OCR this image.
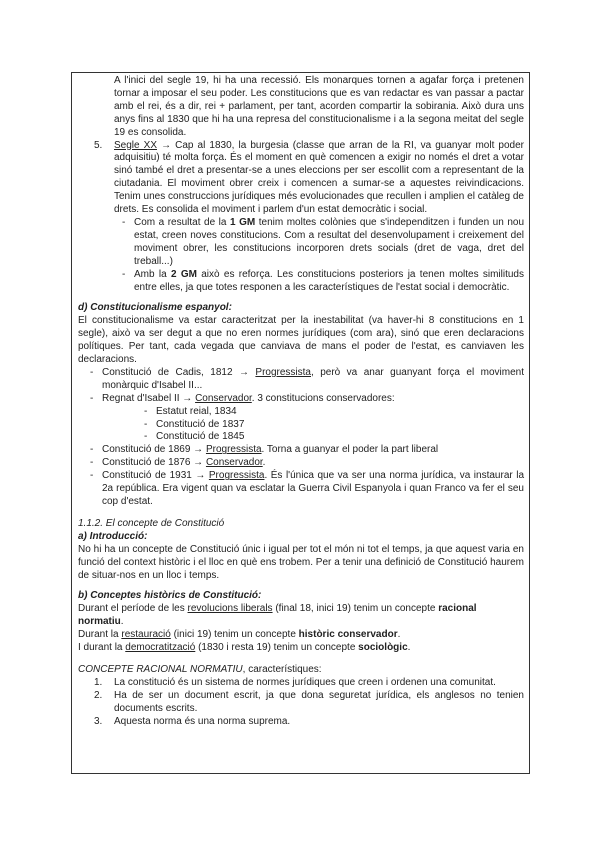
A l'inici del segle 19, hi ha una recessió. Els monarques tornen a agafar força i pretenen tornar a imposar el seu poder. Les constitucions que es van redactar es van passar a pactar amb el rei, és a dir, rei + parlament, per tant, acorden compartir la sobirania. Això dura uns anys fins al 1830 que hi ha una represa del constitucionalisme i a la segona meitat del segle 19 es consolida.

5.	Segle XX → Cap al 1830, la burgesia (classe que arran de la RI, va guanyar molt poder adquisitiu) té molta força. És el moment en què comencen a exigir no només el dret a votar sinó també el dret a presentar-se a unes eleccions per ser escollit com a representant de la ciutadania. El moviment obrer creix i comencen a sumar-se a aquestes reivindicacions. Tenim unes construccions jurídiques més evolucionades que recullen i amplien el catàleg de drets. Es consolida el moviment i parlem d'un estat democràtic i social.

- Com a resultat de la 1 GM tenim moltes colònies que s'independitzen i funden un nou estat, creen noves constitucions. Com a resultat del desenvolupament i creixement del moviment obrer, les constitucions incorporen drets socials (dret de vaga, dret del treball...)

- Amb la 2 GM això es reforça. Les constitucions posteriors ja tenen moltes similituds entre elles, ja que totes responen a les característiques de l'estat social i democràtic.

d) Constitucionalisme espanyol:

El constitucionalisme va estar caracteritzat per la inestabilitat (va haver-hi 8 constitucions en 1 segle), això va ser degut a que no eren normes jurídiques (com ara), sinó que eren declaracions polítiques. Per tant, cada vegada que canviava de mans el poder de l'estat, es canviaven les declaracions.

- Constitució de Cadis, 1812 → Progressista, però va anar guanyant força el moviment monàrquic d'Isabel II...

- Regnat d'Isabel II → Conservador. 3 constitucions conservadores:

- Estatut reial, 1834

- Constitució de 1837

- Constitució de 1845

- Constitució de 1869 → Progressista. Torna a guanyar el poder la part liberal

- Constitució de 1876 → Conservador.

- Constitució de 1931 → Progressista. És l'única que va ser una norma jurídica, va instaurar la 2a república. Era vigent quan va esclatar la Guerra Civil Espanyola i quan Franco va fer el seu cop d'estat.

1.1.2. El concepte de Constitució

a) Introducció:

No hi ha un concepte de Constitució únic i igual per tot el món ni tot el temps, ja que aquest varia en funció del context històric i el lloc en què ens trobem. Per a tenir una definició de Constitució haurem de situar-nos en un lloc i temps.

b) Conceptes històrics de Constitució:

Durant el període de les revolucions liberals (final 18, inici 19) tenim un concepte racional normatiu.

Durant la restauració (inici 19) tenim un concepte històric conservador.

I durant la democratització (1830 i resta 19) tenim un concepte sociològic.

CONCEPTE RACIONAL NORMATIU, característiques:

1.	La constitució és un sistema de normes jurídiques que creen i ordenen una comunitat.

2.	Ha de ser un document escrit, ja que dona seguretat jurídica, els anglesos no tenien documents escrits.

3.	Aquesta norma és una norma suprema.
